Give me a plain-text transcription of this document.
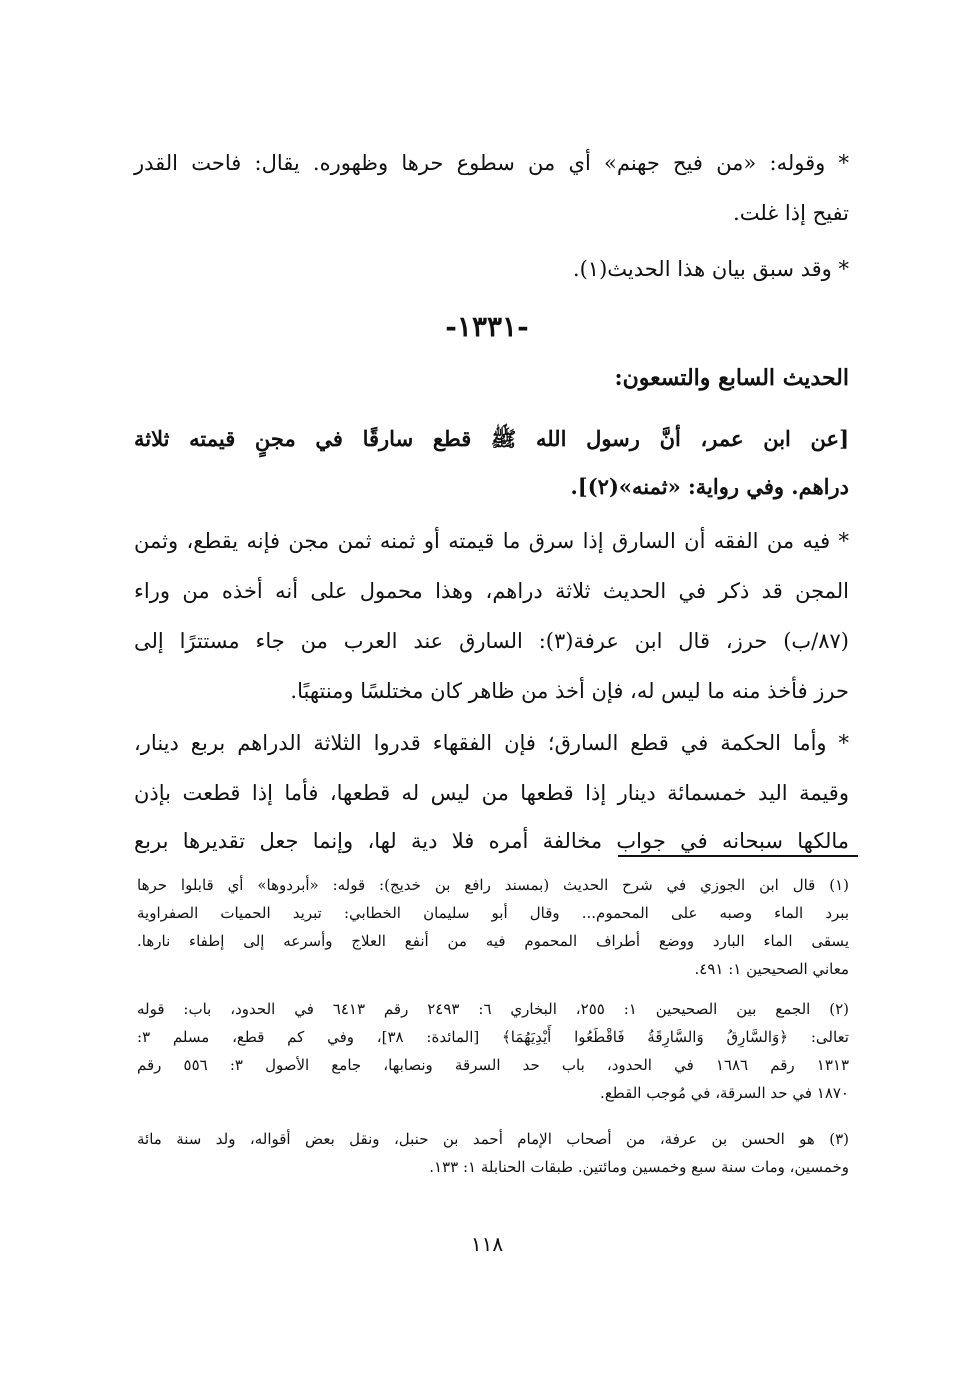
* وقوله: «من فيح جهنم» أي من سطوع حرها وظهوره. يقال: فاحت القدر
تفيح إذا غلت.
* وقد سبق بيان هذا الحديث(١).
-١٣٣١-
الحديث السابع والتسعون:
[عن ابن عمر، أنَّ رسول الله ﷺ قطع سارقًا في مجنٍ قيمته ثلاثة
دراهم. وفي رواية: «ثمنه»(٢)].
* فيه من الفقه أن السارق إذا سرق ما قيمته أو ثمنه ثمن مجن فإنه يقطع، وثمن
المجن قد ذكر في الحديث ثلاثة دراهم، وهذا محمول على أنه أخذه من وراء
(٨٧/ب) حرز، قال ابن عرفة(٣): السارق عند العرب من جاء مستترًا إلى
حرز فأخذ منه ما ليس له، فإن أخذ من ظاهر كان مختلسًا ومنتهبًا.
* وأما الحكمة في قطع السارق؛ فإن الفقهاء قدروا الثلاثة الدراهم بربع دينار،
وقيمة اليد خمسمائة دينار إذا قطعها من ليس له قطعها، فأما إذا قطعت بإذن
مالكها سبحانه في جواب مخالفة أمره فلا دية لها، وإنما جعل تقديرها بربع
(١) قال ابن الجوزي في شرح الحديث (بمسند رافع بن خديج): قوله: «أبردوها» أي قابلوا حرها
ببرد الماء وصبه على المحموم... وقال أبو سليمان الخطابي: تبريد الحميات الصفراوية
يسقى الماء البارد ووضع أطراف المحموم فيه من أنفع العلاج وأسرعه إلى إطفاء نارها.
معاني الصحيحين ١: ٤٩١.
(٢) الجمع بين الصحيحين ١: ٢٥٥، البخاري ٦: ٢٤٩٣ رقم ٦٤١٣ في الحدود، باب: قوله
تعالى: ﴿وَالسَّارِقُ وَالسَّارِقَةُ فَاقْطَعُوا أَيْدِيَهُمَا﴾ [المائدة: ٣٨]، وفي كم قطع، مسلم ٣:
١٣١٣ رقم ١٦٨٦ في الحدود، باب حد السرقة ونصابها، جامع الأصول ٣: ٥٥٦ رقم
١٨٧٠ في حد السرقة، في مُوجب القطع.
(٣) هو الحسن بن عرفة، من أصحاب الإمام أحمد بن حنبل، ونقل بعض أقواله، ولد سنة مائة
وخمسين، ومات سنة سبع وخمسين ومائتين. طبقات الحنابلة ١: ١٣٣.
١١٨
